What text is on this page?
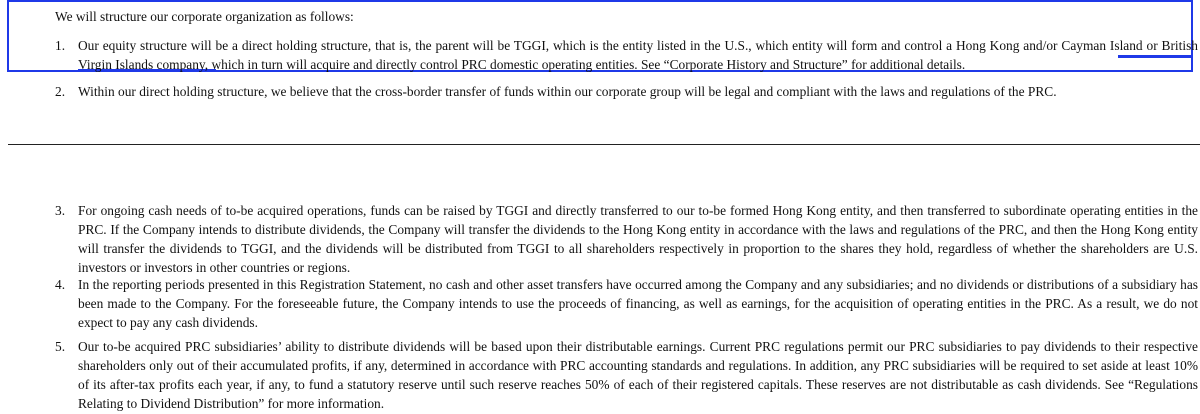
We will structure our corporate organization as follows:
1. Our equity structure will be a direct holding structure, that is, the parent will be TGGI, which is the entity listed in the U.S., which entity will form and control a Hong Kong and/or Cayman Island or British Virgin Islands company, which in turn will acquire and directly control PRC domestic operating entities. See “Corporate History and Structure” for additional details.
2. Within our direct holding structure, we believe that the cross-border transfer of funds within our corporate group will be legal and compliant with the laws and regulations of the PRC.
3. For ongoing cash needs of to-be acquired operations, funds can be raised by TGGI and directly transferred to our to-be formed Hong Kong entity, and then transferred to subordinate operating entities in the PRC. If the Company intends to distribute dividends, the Company will transfer the dividends to the Hong Kong entity in accordance with the laws and regulations of the PRC, and then the Hong Kong entity will transfer the dividends to TGGI, and the dividends will be distributed from TGGI to all shareholders respectively in proportion to the shares they hold, regardless of whether the shareholders are U.S. investors or investors in other countries or regions.
4. In the reporting periods presented in this Registration Statement, no cash and other asset transfers have occurred among the Company and any subsidiaries; and no dividends or distributions of a subsidiary has been made to the Company. For the foreseeable future, the Company intends to use the proceeds of financing, as well as earnings, for the acquisition of operating entities in the PRC. As a result, we do not expect to pay any cash dividends.
5. Our to-be acquired PRC subsidiaries’ ability to distribute dividends will be based upon their distributable earnings. Current PRC regulations permit our PRC subsidiaries to pay dividends to their respective shareholders only out of their accumulated profits, if any, determined in accordance with PRC accounting standards and regulations. In addition, any PRC subsidiaries will be required to set aside at least 10% of its after-tax profits each year, if any, to fund a statutory reserve until such reserve reaches 50% of each of their registered capitals. These reserves are not distributable as cash dividends. See “Regulations Relating to Dividend Distribution” for more information.
